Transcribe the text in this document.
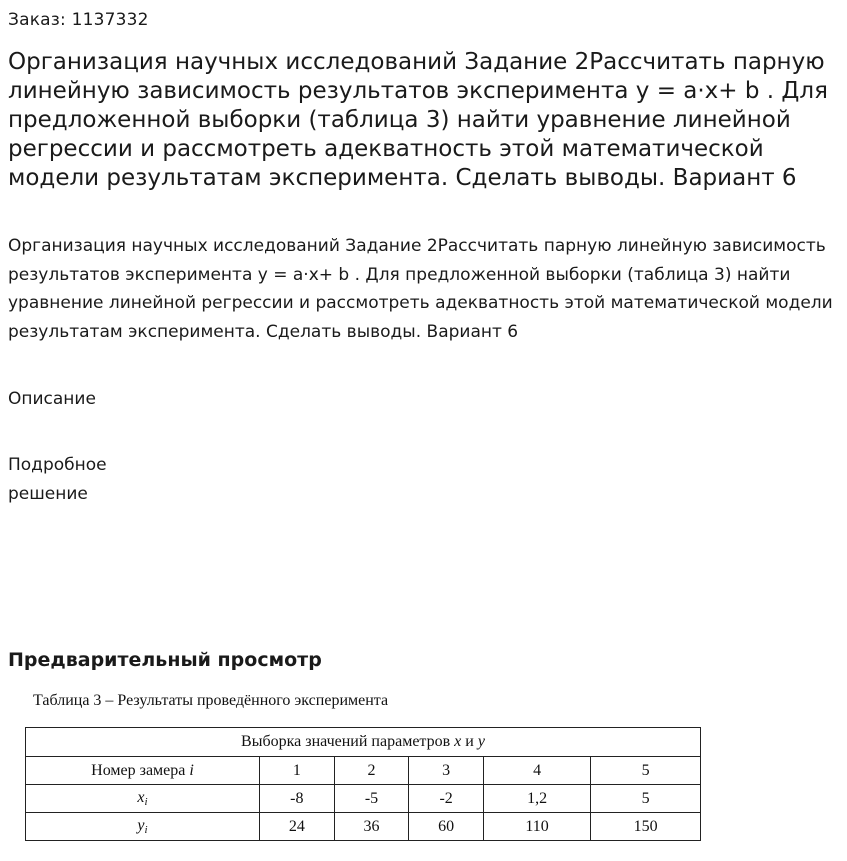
Заказ: 1137332
Организация научных исследований Задание 2Рассчитать парную линейную зависимость результатов эксперимента y = a·x+ b . Для предложенной выборки (таблица 3) найти уравнение линейной регрессии и рассмотреть адекватность этой математической модели результатам эксперимента. Сделать выводы. Вариант 6

Организация научных исследований Задание 2Рассчитать парную линейную зависимость результатов эксперимента y = a·x+ b . Для предложенной выборки (таблица 3) найти уравнение линейной регрессии и рассмотреть адекватность этой математической модели результатам эксперимента. Сделать выводы. Вариант 6

Описание
Подробное решение
Предварительный просмотр
Таблица 3 – Результаты проведённого эксперимента
Выборка значений параметров x и y					
Номер замера i	1	2	3	4	5
$x_i$	-8	-5	-2	1,2	5
$y_i$	24	36	60	110	150
